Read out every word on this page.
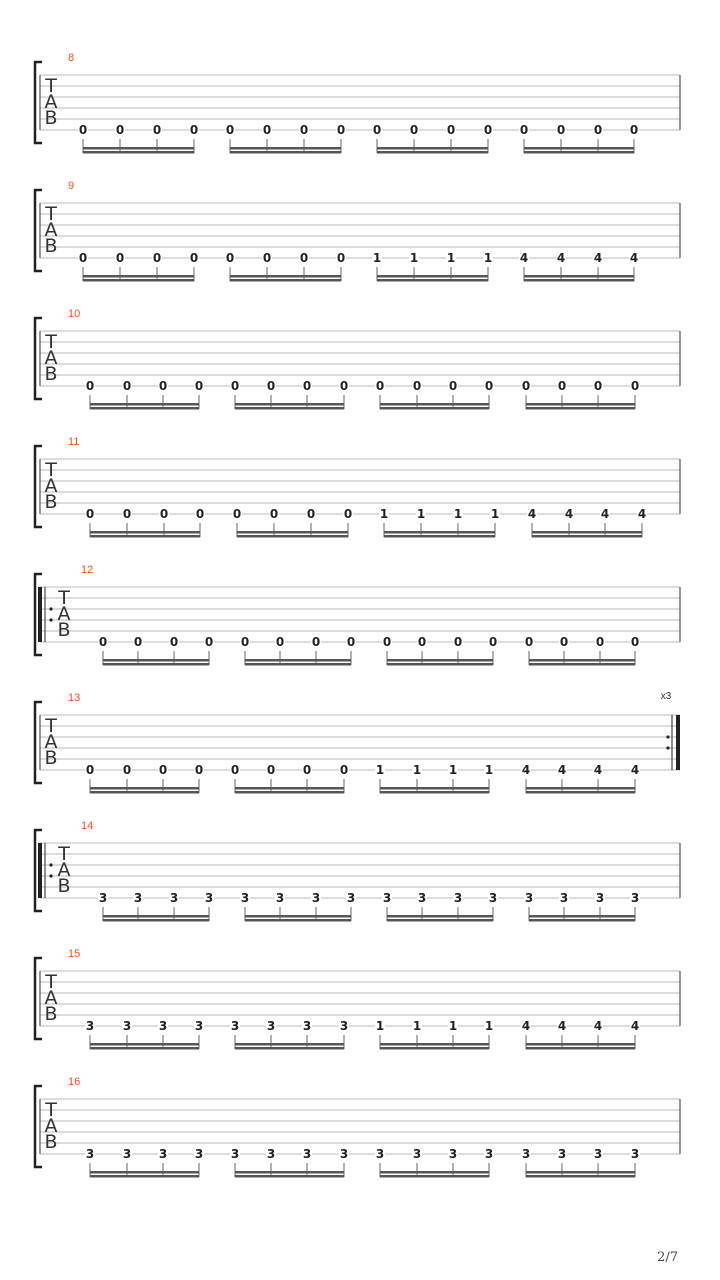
T
A
B
8
0 0 0 0 0 0 0 0 0 0 0 0 0 0 0 0
T
A
B
9
0 0 0 0 0 0 0 0 1 1 1 1 4 4 4 4
T
A
B
10
0 0 0 0 0 0 0 0 0 0 0 0 0 0 0 0
T
A
B
11
0 0 0 0 0 0 0 0 1 1 1 1 4 4 4 4
T
A
B
12
0 0 0 0 0 0 0 0 0 0 0 0 0 0 0 0
x3
T
A
B
13
0 0 0 0 0 0 0 0 1 1 1 1 4 4 4 4
T
A
B
14
3 3 3 3 3 3 3 3 3 3 3 3 3 3 3 3
T
A
B
15
3 3 3 3 3 3 3 3 1 1 1 1 4 4 4 4
T
A
B
16
3 3 3 3 3 3 3 3 3 3 3 3 3 3 3 3
2/7
